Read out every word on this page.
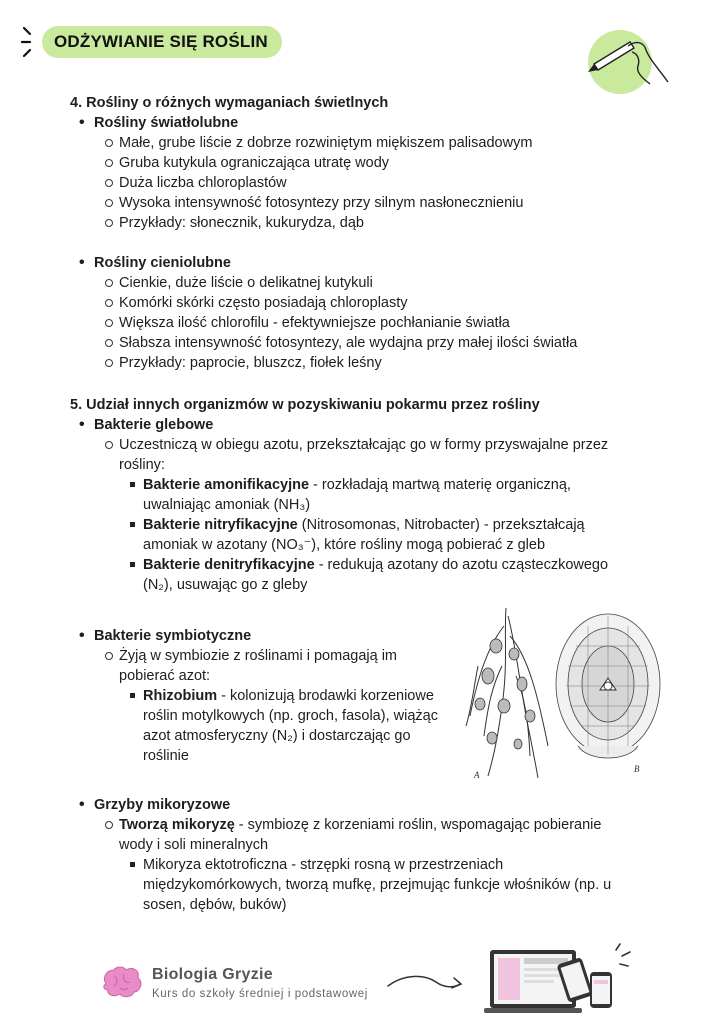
ODŻYWIANIE SIĘ ROŚLIN
4. Rośliny o różnych wymaganiach świetlnych
• Rośliny światłolubne
Małe, grube liście z dobrze rozwiniętym miękiszem palisadowym
Gruba kutykula ograniczająca utratę wody
Duża liczba chloroplastów
Wysoka intensywność fotosyntezy przy silnym nasłonecznieniu
Przykłady: słonecznik, kukurydza, dąb
• Rośliny cieniolubne
Cienkie, duże liście o delikatnej kutykuli
Komórki skórki często posiadają chloroplasty
Większa ilość chlorofilu - efektywniejsze pochłanianie światła
Słabsza intensywność fotosyntezy, ale wydajna przy małej ilości światła
Przykłady: paprocie, bluszcz, fiołek leśny
5. Udział innych organizmów w pozyskiwaniu pokarmu przez rośliny
• Bakterie glebowe
Uczestniczą w obiegu azotu, przekształcając go w formy przyswajalne przez
rośliny:
Bakterie amonifikacyjne - rozkładają martwą materię organiczną,
uwalniając amoniak (NH₃)
Bakterie nitryfikacyjne (Nitrosomonas, Nitrobacter) - przekształcają
amoniak w azotany (NO₃⁻), które rośliny mogą pobierać z gleb
Bakterie denitryfikacyjne - redukują azotany do azotu cząsteczkowego
(N₂), usuwając go z gleby
• Bakterie symbiotyczne
Żyją w symbiozie z roślinami i pomagają im
pobierać azot:
Rhizobium - kolonizują brodawki korzeniowe
roślin motylkowych (np. groch, fasola), wiążąc
azot atmosferyczny (N₂) i dostarczając go
roślinie
• Grzyby mikoryzowe
Tworzą mikoryzę - symbiozę z korzeniami roślin, wspomagając pobieranie
wody i soli mineralnych
Mikoryza ektotroficzna - strzępki rosną w przestrzeniach
międzykomórkowych, tworzą mufkę, przejmując funkcje włośników (np. u
sosen, dębów, buków)
A
B
Biologia Gryzie
Kurs do szkoły średniej i podstawowej
